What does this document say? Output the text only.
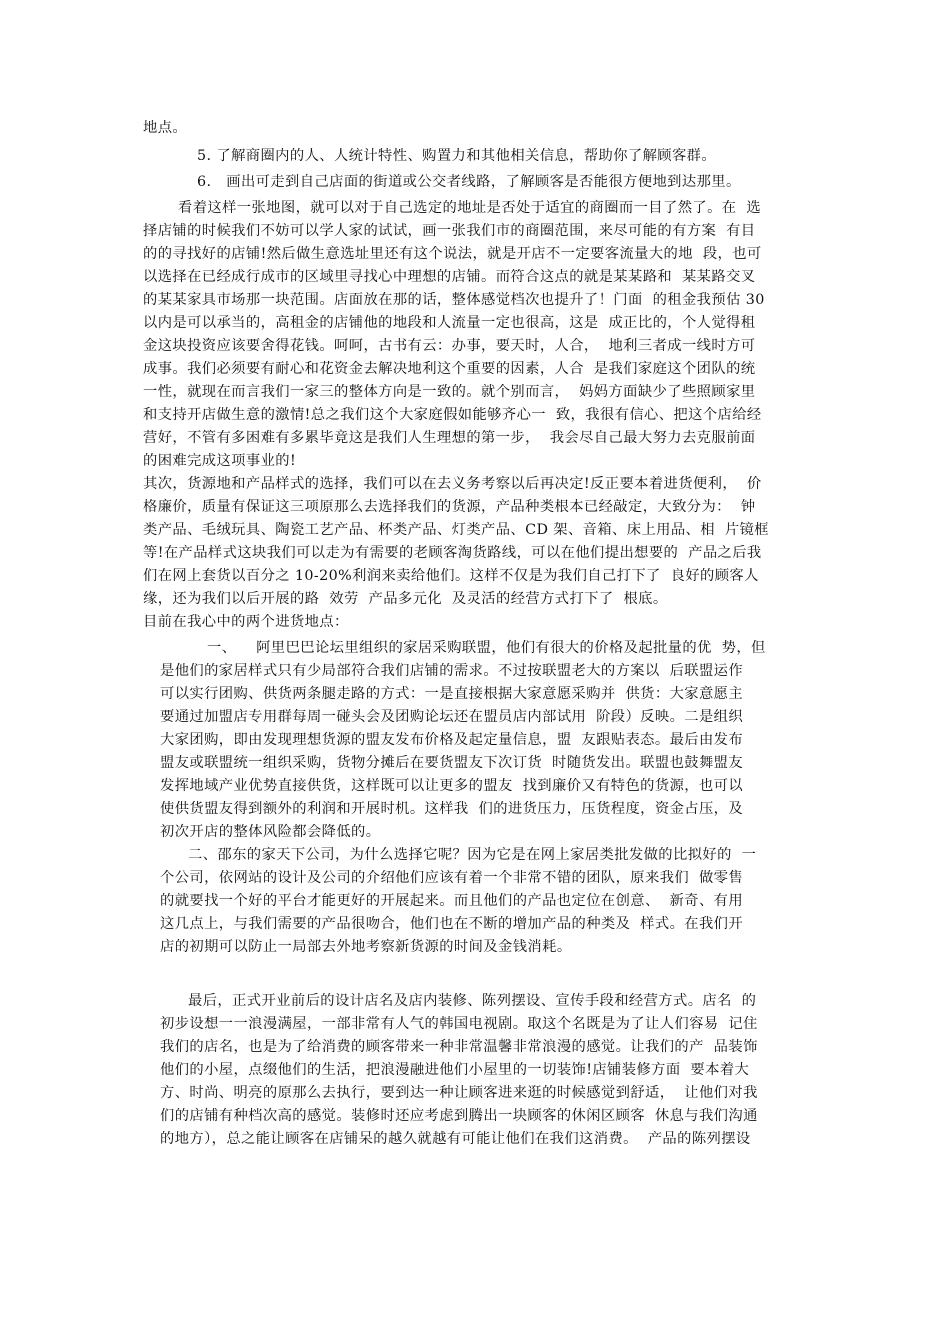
地点。
5. 了解商圈内的人、人统计特性、购置力和其他相关信息，帮助你了解顾客群。
6.   画出可走到自己店面的街道或公交者线路，了解顾客是否能很方便地到达那里。
看着这样一张地图，就可以对于自己选定的地址是否处于适宜的商圈而一目了然了。在  选
择店铺的时候我们不妨可以学人家的试试，画一张我们市的商圈范围，来尽可能的有方案  有目
的的寻找好的店铺!然后做生意选址里还有这个说法，就是开店不一定要客流量大的地  段，也可
以选择在已经成行成市的区域里寻找心中理想的店铺。而符合这点的就是某某路和  某某路交叉
的某某家具市场那一块范围。店面放在那的话，整体感觉档次也提升了！门面  的租金我预估 30
以内是可以承当的，高租金的店铺他的地段和人流量一定也很高，这是  成正比的，个人觉得租
金这块投资应该要舍得花钱。呵呵，古书有云：办事，要天时，人合，  地利三者成一线时方可
成事。我们必须要有耐心和花资金去解决地利这个重要的因素，人合  是我们家庭这个团队的统
一性，就现在而言我们一家三的整体方向是一致的。就个别而言，  妈妈方面缺少了些照顾家里
和支持开店做生意的激情!总之我们这个大家庭假如能够齐心一  致，我很有信心、把这个店给经
营好，不管有多困难有多累毕竟这是我们人生理想的第一步，  我会尽自己最大努力去克服前面
的困难完成这项事业的!
其次，货源地和产品样式的选择，我们可以在去义务考察以后再决定!反正要本着进货便利，  价
格廉价，质量有保证这三项原那么去选择我们的货源，产品种类根本已经敲定，大致分为：  钟
类产品、毛绒玩具、陶瓷工艺产品、杯类产品、灯类产品、CD 架、音箱、床上用品、相  片镜框
等!在产品样式这块我们可以走为有需要的老顾客淘货路线，可以在他们提出想要的  产品之后我
们在网上套货以百分之 10-20%利润来卖给他们。这样不仅是为我们自己打下了  良好的顾客人
缘，还为我们以后开展的路  效劳  产品多元化  及灵活的经营方式打下了  根底。
目前在我心中的两个进货地点：
一、    阿里巴巴论坛里组织的家居采购联盟，他们有很大的价格及起批量的优  势，但
是他们的家居样式只有少局部符合我们店铺的需求。不过按联盟老大的方案以  后联盟运作
可以实行团购、供货两条腿走路的方式：一是直接根据大家意愿采购并  供货：大家意愿主
要通过加盟店专用群每周一碰头会及团购论坛还在盟员店内部试用  阶段）反映。二是组织
大家团购，即由发现理想货源的盟友发布价格及起定量信息，盟  友跟贴表态。最后由发布
盟友或联盟统一组织采购，货物分摊后在要货盟友下次订货  时随货发出。联盟也鼓舞盟友
发挥地域产业优势直接供货，这样既可以让更多的盟友  找到廉价又有特色的货源，也可以
使供货盟友得到额外的利润和开展时机。这样我  们的进货压力，压货程度，资金占压，及
初次开店的整体风险都会降低的。
二、邵东的家天下公司，为什么选择它呢？因为它是在网上家居类批发做的比拟好的  一
个公司，依网站的设计及公司的介绍他们应该有着一个非常不错的团队，原来我们  做零售
的就要找一个好的平台才能更好的开展起来。而且他们的产品也定位在创意、  新奇、有用
这几点上，与我们需要的产品很吻合，他们也在不断的增加产品的种类及  样式。在我们开
店的初期可以防止一局部去外地考察新货源的时间及金钱消耗。
最后，正式开业前后的设计店名及店内装修、陈列摆设、宣传手段和经营方式。店名  的
初步设想一一浪漫满屋，一部非常有人气的韩国电视剧。取这个名既是为了让人们容易  记住
我们的店名，也是为了给消费的顾客带来一种非常温馨非常浪漫的感觉。让我们的产  品装饰
他们的小屋，点缀他们的生活，把浪漫融进他们小屋里的一切装饰!店铺装修方面  要本着大
方、时尚、明亮的原那么去执行，要到达一种让顾客进来逛的时候感觉到舒适，  让他们对我
们的店铺有种档次高的感觉。装修时还应考虑到腾出一块顾客的休闲区顾客  休息与我们沟通
的地方），总之能让顾客在店铺呆的越久就越有可能让他们在我们这消费。  产品的陈列摆设
